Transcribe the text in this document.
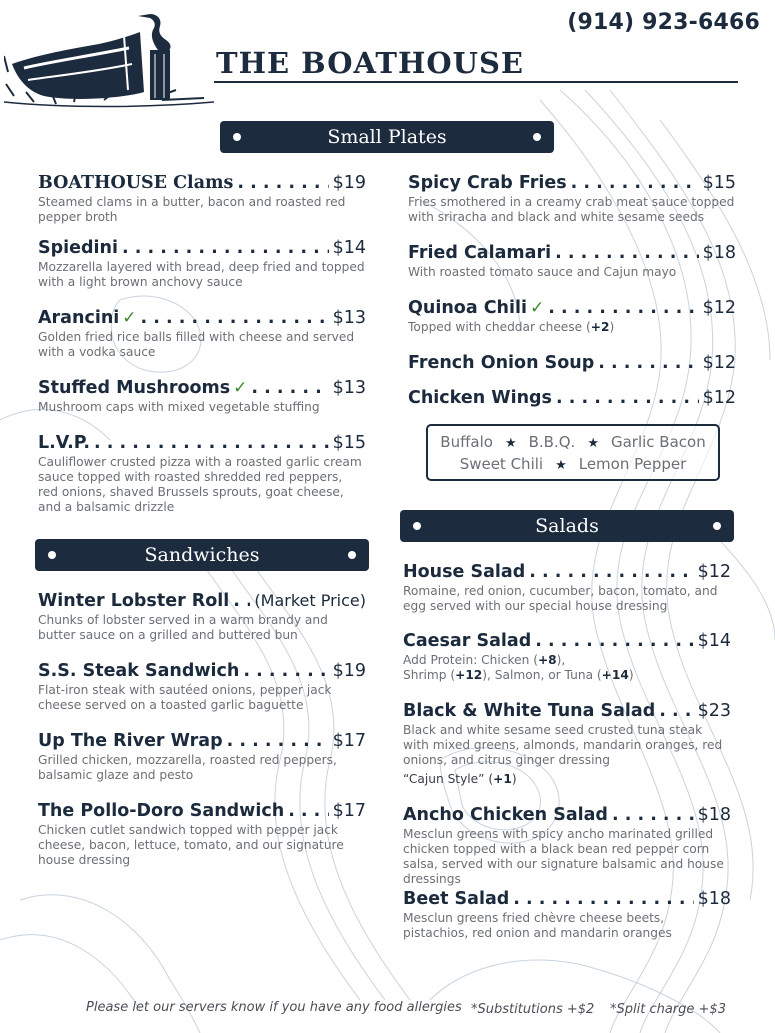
(914) 923-6466
THE BOATHOUSE
Small Plates
BOATHOUSE Clams . . .	$19
Steamed clams in a butter, bacon and roasted red pepper broth
Spiedini . . .	$14
Mozzarella layered with bread, deep fried and topped with a light brown anchovy sauce
Arancini ✓ . . .	$13
Golden fried rice balls filled with cheese and served with a vodka sauce
Stuffed Mushrooms ✓ . . .	$13
Mushroom caps with mixed vegetable stuffing
L.V.P. . . .	$15
Cauliflower crusted pizza with a roasted garlic cream sauce topped with roasted shredded red peppers, red onions, shaved Brussels sprouts, goat cheese, and a balsamic drizzle
Spicy Crab Fries . . .	$15
Fries smothered in a creamy crab meat sauce topped with sriracha and black and white sesame seeds
Fried Calamari . . .	$18
With roasted tomato sauce and Cajun mayo
Quinoa Chili ✓ . . .	$12
Topped with cheddar cheese (+2)
French Onion Soup . . .	$12
Chicken Wings . . .	$12
Buffalo ★ B.B.Q. ★ Garlic Bacon
Sweet Chili ★ Lemon Pepper
Salads
Sandwiches
Winter Lobster Roll . . . (Market Price)
Chunks of lobster served in a warm brandy and butter sauce on a grilled and buttered bun
S.S. Steak Sandwich . . .	$19
Flat-iron steak with sautéed onions, pepper jack cheese served on a toasted garlic baguette
Up The River Wrap . . .	$17
Grilled chicken, mozzarella, roasted red peppers, balsamic glaze and pesto
The Pollo-Doro Sandwich . . .	$17
Chicken cutlet sandwich topped with pepper jack cheese, bacon, lettuce, tomato, and our signature house dressing
House Salad . . .	$12
Romaine, red onion, cucumber, bacon, tomato, and egg served with our special house dressing
Caesar Salad . . .	$14
Add Protein: Chicken (+8),
Shrimp (+12), Salmon, or Tuna (+14)
Black & White Tuna Salad . . . $23
Black and white sesame seed crusted tuna steak with mixed greens, almonds, mandarin oranges, red onions, and citrus ginger dressing
“Cajun Style” (+1)
Ancho Chicken Salad . . .	$18
Mesclun greens with spicy ancho marinated grilled chicken topped with a black bean red pepper corn salsa, served with our signature balsamic and house dressings
Beet Salad . . .	$18
Mesclun greens fried chèvre cheese beets, pistachios, red onion and mandarin oranges
Please let our servers know if you have any food allergies *Substitutions +$2 *Split charge +$3
